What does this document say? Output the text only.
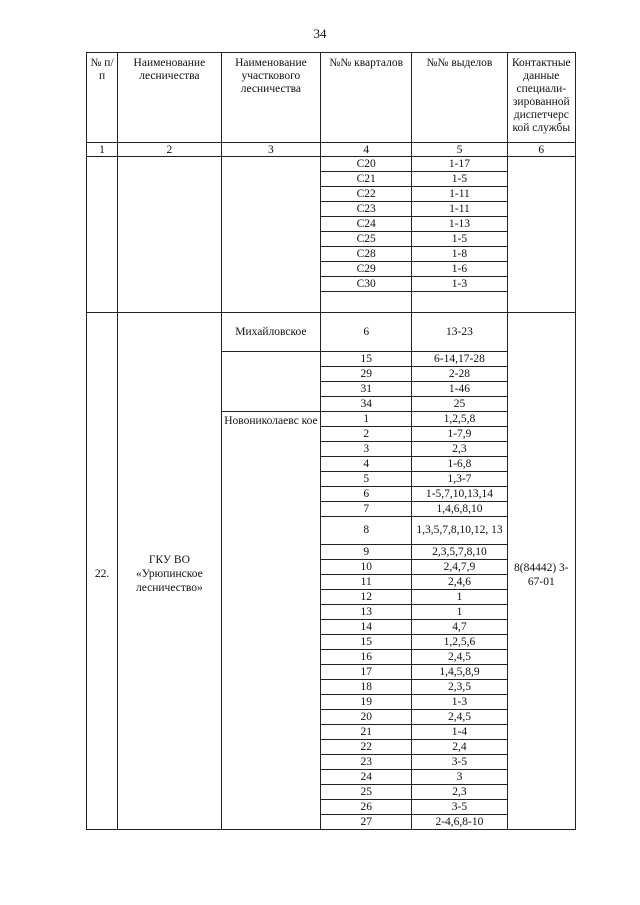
34
№ п/п	Наименование лесничества	Наименование участкового лесничества	№№ кварталов	№№ выделов	Контактные данные специали-зированной диспетчерс кой службы
1	2	3	4	5	6
			С20	1-17	
			С21	1-5	
			С22	1-11	
			С23	1-11	
			С24	1-13	
			С25	1-5	
			С28	1-8	
			С29	1-6	
			С30	1-3	

22.	ГКУ ВО «Урюпинское лесничество»	Михайловское	6	13-23	8(84442) 3-67-01
			15	6-14,17-28	
			29	2-28	
			31	1-46	
			34	25	
		Новониколаевс кое	1	1,2,5,8	
			2	1-7,9	
			3	2,3	
			4	1-6,8	
			5	1,3-7	
			6	1-5,7,10,13,14	
			7	1,4,6,8,10	
			8	1,3,5,7,8,10,12, 13	
			9	2,3,5,7,8,10	
			10	2,4,7,9	
			11	2,4,6	
			12	1	
			13	1	
			14	4,7	
			15	1,2,5,6	
			16	2,4,5	
			17	1,4,5,8,9	
			18	2,3,5	
			19	1-3	
			20	2,4,5	
			21	1-4	
			22	2,4	
			23	3-5	
			24	3	
			25	2,3	
			26	3-5	
			27	2-4,6,8-10	
